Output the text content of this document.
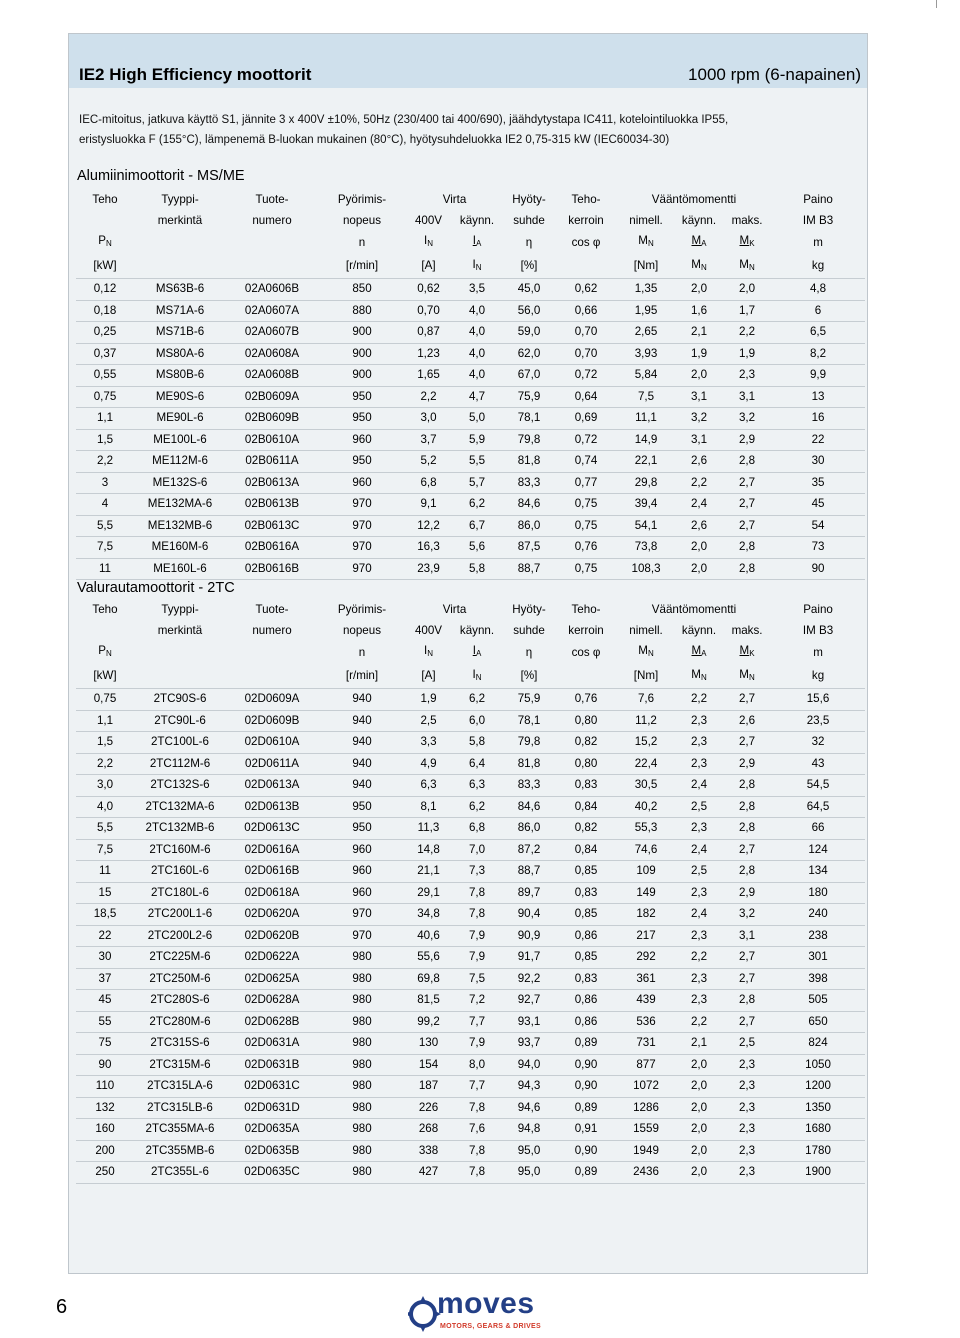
IE2 High Efficiency moottorit	1000 rpm (6-napainen)
IEC-mitoitus, jatkuva käyttö S1, jännite 3 x 400V ±10%, 50Hz (230/400 tai 400/690), jäähdytystapa IC411, kotelointiluokka IP55,
eristysluokka F (155°C), lämpenemä B-luokan mukainen (80°C), hyötysuhdeluokka IE2 0,75-315 kW (IEC60034-30)
Alumiinimoottorit - MS/ME
Teho	Tyyppi-	Tuote-	Pyörimis-	Virta		Hyöty-	Teho-	Vääntömomentti			Paino
	merkintä	numero	nopeus	400V	käynn.	suhde	kerroin	nimell.	käynn.	maks.	IM B3
$P_N$			n	$I_N$	$I_A$	η	cos φ	$M_N$	$M_A$	$M_K$	m
[kW]			[r/min]	[A]	$I_N$	[%]		[Nm]	$M_N$	$M_N$	kg
0,12	MS63B-6	02A0606B	850	0,62	3,5	45,0	0,62	1,35	2,0	2,0	4,8
0,18	MS71A-6	02A0607A	880	0,70	4,0	56,0	0,66	1,95	1,6	1,7	6
0,25	MS71B-6	02A0607B	900	0,87	4,0	59,0	0,70	2,65	2,1	2,2	6,5
0,37	MS80A-6	02A0608A	900	1,23	4,0	62,0	0,70	3,93	1,9	1,9	8,2
0,55	MS80B-6	02A0608B	900	1,65	4,0	67,0	0,72	5,84	2,0	2,3	9,9
0,75	ME90S-6	02B0609A	950	2,2	4,7	75,9	0,64	7,5	3,1	3,1	13
1,1	ME90L-6	02B0609B	950	3,0	5,0	78,1	0,69	11,1	3,2	3,2	16
1,5	ME100L-6	02B0610A	960	3,7	5,9	79,8	0,72	14,9	3,1	2,9	22
2,2	ME112M-6	02B0611A	950	5,2	5,5	81,8	0,74	22,1	2,6	2,8	30
3	ME132S-6	02B0613A	960	6,8	5,7	83,3	0,77	29,8	2,2	2,7	35
4	ME132MA-6	02B0613B	970	9,1	6,2	84,6	0,75	39,4	2,4	2,7	45
5,5	ME132MB-6	02B0613C	970	12,2	6,7	86,0	0,75	54,1	2,6	2,7	54
7,5	ME160M-6	02B0616A	970	16,3	5,6	87,5	0,76	73,8	2,0	2,8	73
11	ME160L-6	02B0616B	970	23,9	5,8	88,7	0,75	108,3	2,0	2,8	90
Valurautamoottorit - 2TC
Teho	Tyyppi-	Tuote-	Pyörimis-	Virta		Hyöty-	Teho-	Vääntömomentti			Paino
	merkintä	numero	nopeus	400V	käynn.	suhde	kerroin	nimell.	käynn.	maks.	IM B3
$P_N$			n	$I_N$	$I_A$	η	cos φ	$M_N$	$M_A$	$M_K$	m
[kW]			[r/min]	[A]	$I_N$	[%]		[Nm]	$M_N$	$M_N$	kg
0,75	2TC90S-6	02D0609A	940	1,9	6,2	75,9	0,76	7,6	2,2	2,7	15,6
1,1	2TC90L-6	02D0609B	940	2,5	6,0	78,1	0,80	11,2	2,3	2,6	23,5
1,5	2TC100L-6	02D0610A	940	3,3	5,8	79,8	0,82	15,2	2,3	2,7	32
2,2	2TC112M-6	02D0611A	940	4,9	6,4	81,8	0,80	22,4	2,3	2,9	43
3,0	2TC132S-6	02D0613A	940	6,3	6,3	83,3	0,83	30,5	2,4	2,8	54,5
4,0	2TC132MA-6	02D0613B	950	8,1	6,2	84,6	0,84	40,2	2,5	2,8	64,5
5,5	2TC132MB-6	02D0613C	950	11,3	6,8	86,0	0,82	55,3	2,3	2,8	66
7,5	2TC160M-6	02D0616A	960	14,8	7,0	87,2	0,84	74,6	2,4	2,7	124
11	2TC160L-6	02D0616B	960	21,1	7,3	88,7	0,85	109	2,5	2,8	134
15	2TC180L-6	02D0618A	960	29,1	7,8	89,7	0,83	149	2,3	2,9	180
18,5	2TC200L1-6	02D0620A	970	34,8	7,8	90,4	0,85	182	2,4	3,2	240
22	2TC200L2-6	02D0620B	970	40,6	7,9	90,9	0,86	217	2,3	3,1	238
30	2TC225M-6	02D0622A	980	55,6	7,9	91,7	0,85	292	2,2	2,7	301
37	2TC250M-6	02D0625A	980	69,8	7,5	92,2	0,83	361	2,3	2,7	398
45	2TC280S-6	02D0628A	980	81,5	7,2	92,7	0,86	439	2,3	2,8	505
55	2TC280M-6	02D0628B	980	99,2	7,7	93,1	0,86	536	2,2	2,7	650
75	2TC315S-6	02D0631A	980	130	7,9	93,7	0,89	731	2,1	2,5	824
90	2TC315M-6	02D0631B	980	154	8,0	94,0	0,90	877	2,0	2,3	1050
110	2TC315LA-6	02D0631C	980	187	7,7	94,3	0,90	1072	2,0	2,3	1200
132	2TC315LB-6	02D0631D	980	226	7,8	94,6	0,89	1286	2,0	2,3	1350
160	2TC355MA-6	02D0635A	980	268	7,6	94,8	0,91	1559	2,0	2,3	1680
200	2TC355MB-6	02D0635B	980	338	7,8	95,0	0,90	1949	2,0	2,3	1780
250	2TC355L-6	02D0635C	980	427	7,8	95,0	0,89	2436	2,0	2,3	1900
6	moves
MOTORS, GEARS & DRIVES
